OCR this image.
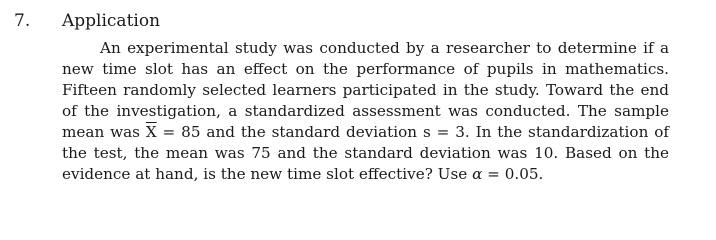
7. Application

An experimental study was conducted by a researcher to determine if a new time slot has an effect on the performance of pupils in mathematics. Fifteen randomly selected learners participated in the study. Toward the end of the investigation, a standardized assessment was conducted. The sample mean was $\overline{X} = 85$ and the standard deviation s = 3. In the standardization of the test, the mean was 75 and the standard deviation was 10. Based on the evidence at hand, is the new time slot effective? Use α = 0.05.
